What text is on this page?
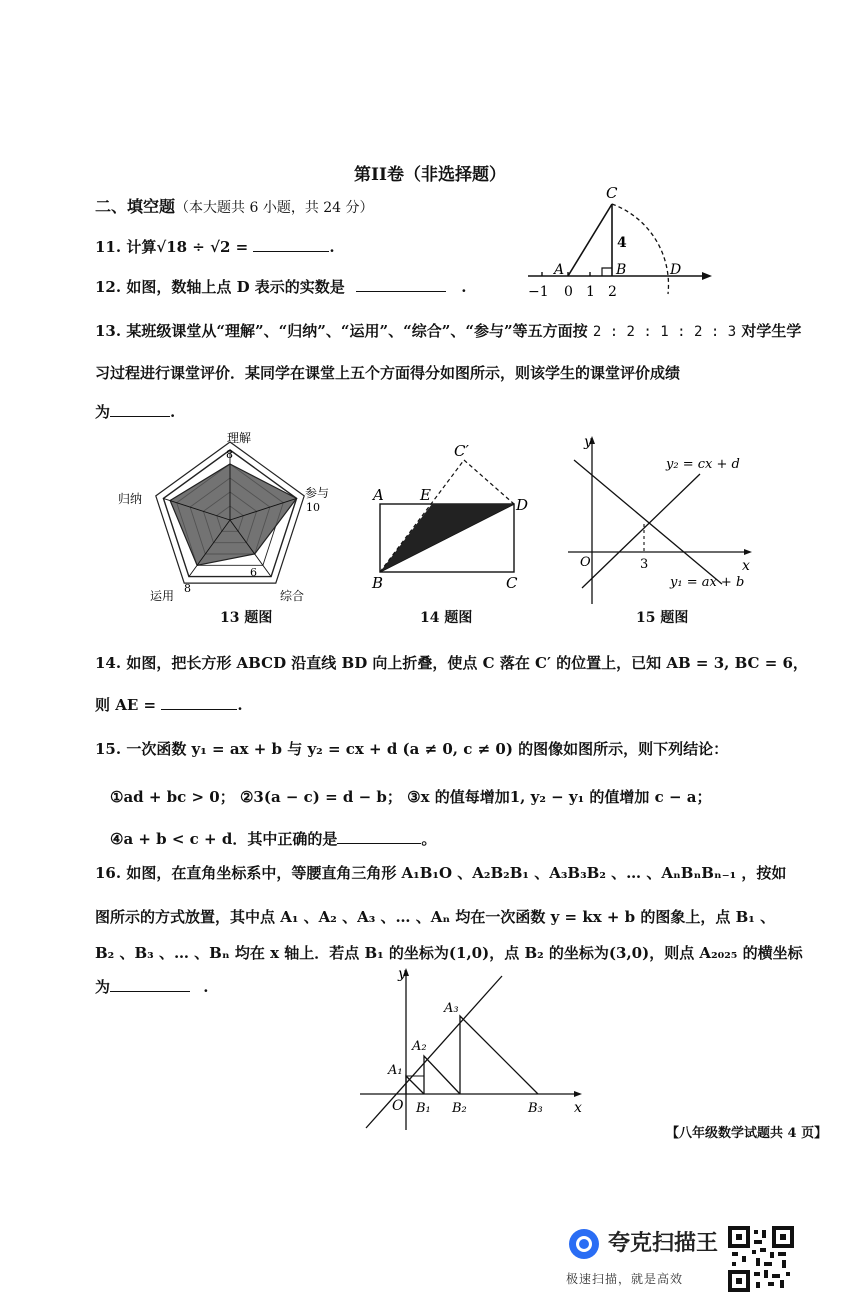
第II卷（非选择题）
二、填空题（本大题共 6 小题，共 24 分）
11. 计算√18 ÷ √2 =	.
12. 如图，数轴上点 D 表示的实数是	.
C
A	B	D
4
−1 0 1 2
13. 某班级课堂从“理解”、“归纳”、“运用”、“综合”、“参与”等五方面按 2 : 2 : 1 : 2 : 3 对学生学
习过程进行课堂评价．某同学在课堂上五个方面得分如图所示，则该学生的课堂评价成绩
为	.
理解
参与
综合
运用
归纳
8
10
6
8
13 题图
A E
C′
D
B	C
14 题图
y
x
O	3
y₂ = cx + d
y₁ = ax + b
15 题图
14. 如图，把长方形 ABCD 沿直线 BD 向上折叠，使点 C 落在 C′ 的位置上，已知 AB = 3, BC = 6，
则 AE =	.
15. 一次函数 y₁ = ax + b 与 y₂ = cx + d (a ≠ 0, c ≠ 0) 的图像如图所示，则下列结论：
①ad + bc > 0； ②3(a − c) = d − b； ③x 的值每增加1, y₂ − y₁ 的值增加 c − a；
④a + b < c + d．其中正确的是	。
16. 如图，在直角坐标系中，等腰直角三角形 A₁B₁O 、A₂B₂B₁ 、A₃B₃B₂ 、… 、AₙBₙBₙ₋₁ ，按如
图所示的方式放置，其中点 A₁ 、A₂ 、A₃ 、… 、Aₙ 均在一次函数 y = kx + b 的图象上，点 B₁ 、
B₂ 、B₃ 、… 、Bₙ 均在 x 轴上．若点 B₁ 的坐标为(1,0)，点 B₂ 的坐标为(3,0)，则点 A₂₀₂₅ 的横坐标
为	.
y
x
O
A₁
A₂
A₃
B₁ B₂	B₃
【八年级数学试题共 4 页】
夸克扫描王
极速扫描，就是高效
